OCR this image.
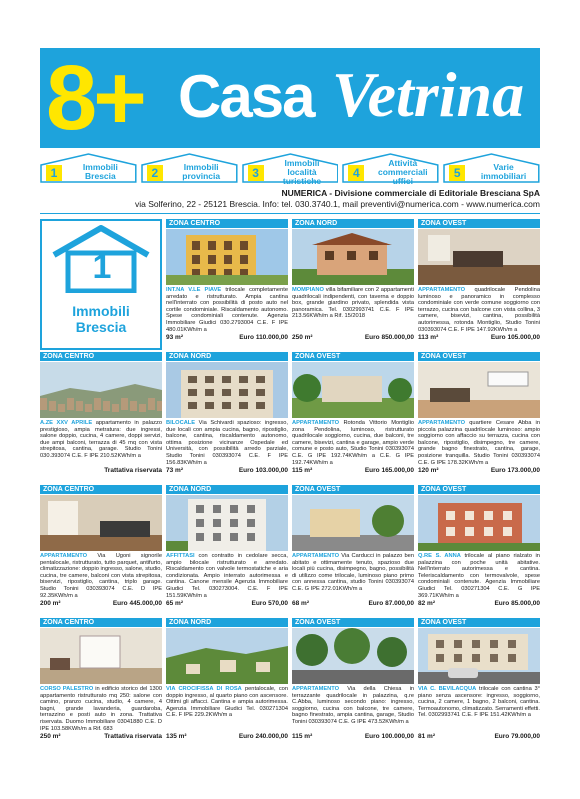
8+ Casa Vetrina
1	Immobili Brescia	2	Immobili provincia	3
Immobili località turistiche
4
Attività commerciali uffici
5	Varie immobiliari
NUMERICA - Divisione commerciale di Editoriale Bresciana SpA
via Solferino, 22 - 25121 Brescia. Info: tel. 030.3740.1, mail preventivi@numerica.com - www.numerica.com
1
Immobili
Brescia
ZONA CENTRO
INT.NA V.LE PIAVE trilocale completamente arredato e ristrutturato. Ampia cantina nell'interrato con possibilità di posto auto nel cortile condominiale. Riscaldamento autonomo. Spese condominiali contenute. Agenzia Immobiliare Giudici 030.2793004 C.E. F IPE 480.01KWh/m a
93 m²	Euro 110.000,00
ZONA NORD
MOMPIANO villa bifamiliare con 2 appartamenti quadrilocali indipendenti, con taverna e doppio box, grande giardino privato, splendida vista panoramica. Tel. 0302993741 C.E. F IPE 213.56KWh/m a Rif. 15/2018
250 m²	Euro 850.000,00
ZONA OVEST
APPARTAMENTO quadrilocale Pendolina luminoso e panoramico in complesso condominiale con verde comune soggiorno con terrazzo, cucina con balcone con vista collina, 3 camere, bisevizi, cantina, possibilità autorimessa, rotonda Montiglio, Studio Tonini 030393074 C.E. F IPE 147.92KWh/m a
113 m²	Euro 105.000,00
ZONA CENTRO
A.ZE XXV APRILE appartamento in palazzo prestigioso, ampia metratura: due ingressi, salone doppio, cucina, 4 camere, doppi servizi, due ampi balconi, terrazza di 45 mq con vista strepitosa, cantina, garage. Studio Tonini 030.393074 C.E. F IPE 210.52KWh/m a
Trattativa riservata
ZONA NORD
BILOCALE Via Schivardi spazioso: ingresso, due locali con ampia cucina, bagno, ripostiglio, balcone, cantina, riscaldamento autonomo, ottima posizione vicinanze Ospedale ed Università, con possibilità arredo parziale, Studio Tonini 030393074 C.E. F IPE 156.83KWh/m a
73 m²	Euro 103.000,00
ZONA OVEST
APPARTAMENTO Rotonda Vittorio Montiglio zona Pendolina, luminoso, ristrutturato quadrilocale soggiorno, cucina, due balconi, tre camere, bisevizi, cantina e garage, ampio verde comune e posto auto, Studio Tonini 030393074 C.E. G IPE 192.74KWh/m a C.E. G IPE 192.74KWh/m a
115 m²	Euro 165.000,00
ZONA OVEST
APPARTAMENTO quartiere Cesare Abba in piccola palazzina quadrilocale luminoso: ampio soggiorno con affaccio su terrazza, cucina con balcone, ripostiglio, disimpegno, tre camere, grande bagno finestrato, cantina, garage, posizione tranquilla. Studio Tonini 030393074 C.E. G IPE 178.32KWh/m a
120 m²	Euro 173.000,00
ZONA CENTRO
APPARTAMENTO Via Ugoni signorile pentalocale, ristrutturato, tutto parquet, antifurto, climatizzazione: doppio ingresso, salone, studio, cucina, tre camere, balconi con vista strepitosa, biservizi, ripostiglio, cantina, triplo garage. Studio Tonini 030393074 C.E. D IPE 92.35KWh/m a
200 m²	Euro 445.000,00
ZONA NORD
AFFITTASI con contratto in cedolare secca, ampio bilocale ristrutturato e arredato. Riscaldamento con valvole termostatiche e aria condizionata. Ampio interrato autorimessa e cantina. Canone mensile Agenzia Immobiliare Giudici Tel. 030273004. C.E. F IPE 151.59KWh/m a
65 m²	Euro 570,00
ZONA OVEST
APPARTAMENTO Via Carducci in palazzo ben abitato e ottimamente tenuto, spazioso due locali più cucina, disimpegno, bagno, possibilità di utilizzo come trilocale, luminoso piano primo con annessa cantina, studio Tonini 030393074 C.E. G IPE 272.01KWh/m a
68 m²	Euro 87.000,00
ZONA OVEST
Q.RE S. ANNA trilocale al piano rialzato in palazzina con poche unità abitative. Nell'interrato autorimessa e cantina. Teleriscaldamento con termovalvole, spese condominiali contenute. Agenzia Immobiliare Giudici Tel. 030271304 C.E. G IPE 369.71KWh/m a
82 m²	Euro 85.000,00
ZONA CENTRO
CORSO PALESTRO in edificio storico del 1300 appartamento ristrutturato mq 250: salone con camino, pranzo cucina, studio, 4 camere, 4 bagni, grande lavanderia, guardaroba, terrazzino e posti auto in zona. Trattativa riservata. Duomo Immobiliare 03041880 C.E. D IPE 103.58KWh/m a Rif. 683
250 m²	Trattativa riservata
ZONA NORD
VIA CROCIFISSA DI ROSA pentalocale, con doppio ingresso, al quarto piano con ascensore. Ottimi gli affacci. Cantina e ampia autorimessa. Agenzia Immobiliare Giudici Tel. 030271304 C.E. F IPE 229.2KWh/m a
135 m²	Euro 240.000,00
ZONA OVEST
APPARTAMENTO Via della Chiesa in terrazzante quadrilocale in palazzina, q.re C.Abba, luminoso secondo piano: ingresso, soggiorno, cucina con balcone, tre camere, bagno finestrato, ampia cantina, garage, Studio Tonini 030393074 C.E. G IPE 473.52KWh/m a
115 m²	Euro 100.000,00
ZONA OVEST
VIA C. BEVILACQUA trilocale con cantina 3° piano senza ascensore: ingresso, soggiorno, cucina, 2 camere, 1 bagno, 2 balconi, cantina. Termoautonomo, climatizzato. Serramenti effetti. Tel. 0302993741 C.E. F IPE 151.42KWh/m a
81 m²	Euro 79.000,00
